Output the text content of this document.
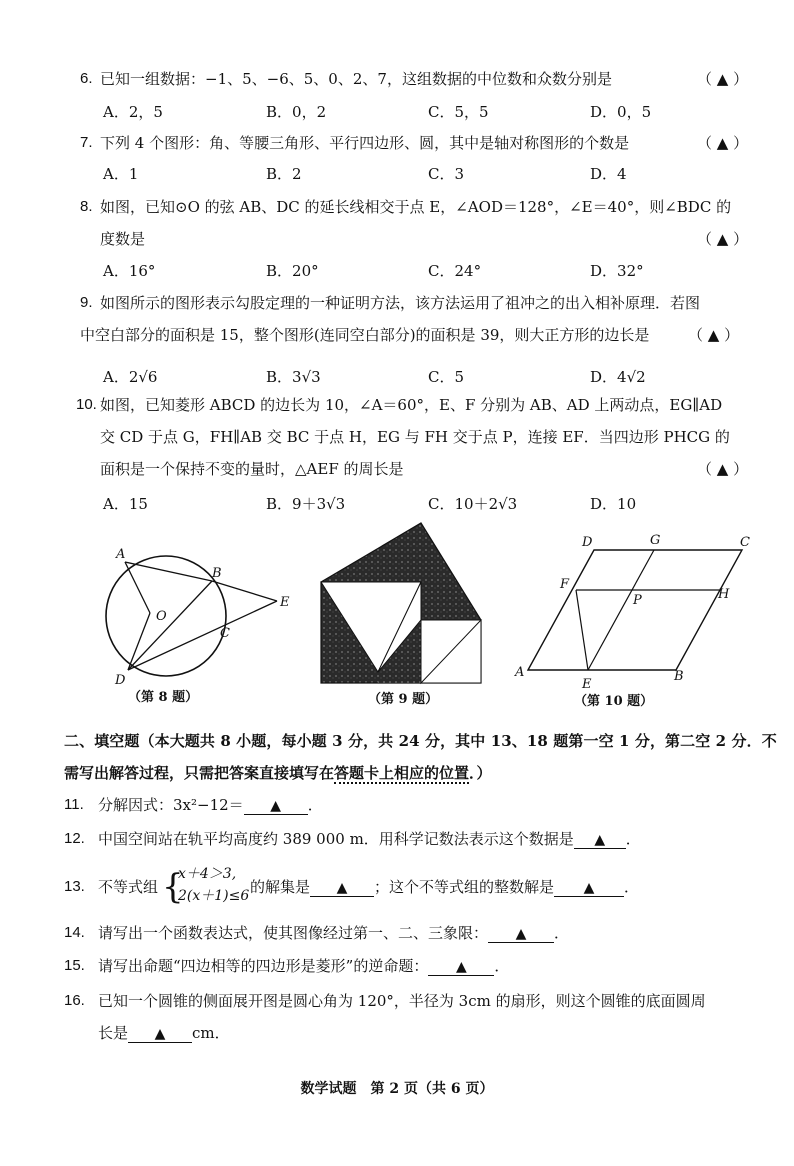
6. 已知一组数据：−1、5、−6、5、0、2、7，这组数据的中位数和众数分别是	（ ▲ ）
A．2，5	B．0，2	C．5，5	D．0，5
7. 下列 4 个图形：角、等腰三角形、平行四边形、圆，其中是轴对称图形的个数是	（ ▲ ）
A．1	B．2	C．3	D．4
8. 如图，已知⊙O 的弦 AB、DC 的延长线相交于点 E，∠AOD＝128°，∠E＝40°，则∠BDC 的
度数是	（ ▲ ）
A．16°	B．20°	C．24°	D．32°
9. 如图所示的图形表示勾股定理的一种证明方法，该方法运用了祖冲之的出入相补原理．若图
中空白部分的面积是 15，整个图形(连同空白部分)的面积是 39，则大正方形的边长是	（ ▲ ）
A．2√6	B．3√3	C．5	D．4√2
10. 如图，已知菱形 ABCD 的边长为 10，∠A＝60°，E、F 分别为 AB、AD 上两动点，EG∥AD
交 CD 于点 G，FH∥AB 交 BC 于点 H，EG 与 FH 交于点 P，连接 EF．当四边形 PHCG 的
面积是一个保持不变的量时，△AEF 的周长是	（ ▲ ）
A．15	B．9＋3√3	C．10＋2√3	D．10
A
B
O
E
C
D
（第 8 题）	（第 9 题）
D	G	C
F
P	H
A
E
B
（第 10 题）
二、填空题（本大题共 8 小题，每小题 3 分，共 24 分，其中 13、18 题第一空 1 分，第二空 2 分．不
需写出解答过程，只需把答案直接填写在答题卡上相应的位置．）
11. 分解因式：3x²−12＝ ▲ ．
12. 中国空间站在轨平均高度约 389 000 m．用科学记数法表示这个数据是 ▲ ．
13. 不等式组 {
x＋4＞3,
2(x＋1)≤6 的解集是 ▲ ；这个不等式组的整数解是 ▲ ．
14. 请写出一个函数表达式，使其图像经过第一、二、三象限： ▲ ．
15. 请写出命题“四边相等的四边形是菱形”的逆命题： ▲ ．
16. 已知一个圆锥的侧面展开图是圆心角为 120°，半径为 3cm 的扇形，则这个圆锥的底面圆周
长是 ▲ cm．
数学试题　第 2 页（共 6 页）
